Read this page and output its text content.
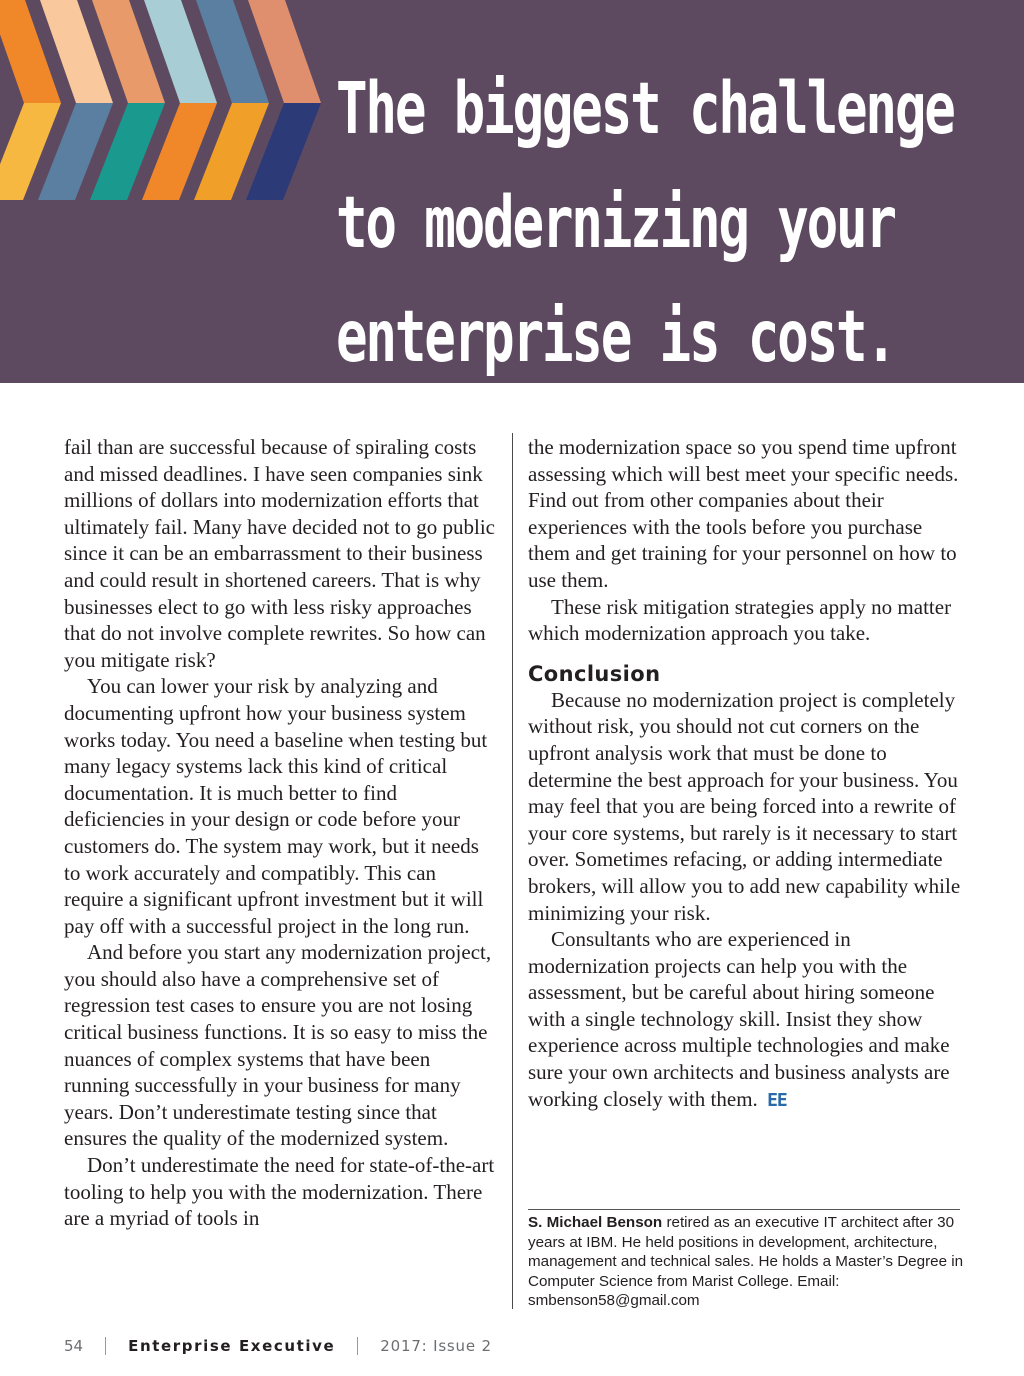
The biggest challenge
to modernizing your
enterprise is cost.

fail than are successful because of spiraling costs and missed deadlines. I have seen companies sink millions of dollars into modernization efforts that ultimately fail. Many have decided not to go public since it can be an embarrassment to their business and could result in shortened careers. That is why businesses elect to go with less risky approaches that do not involve complete rewrites. So how can you mitigate risk?

You can lower your risk by analyzing and documenting upfront how your business system works today. You need a baseline when testing but many legacy systems lack this kind of critical documentation. It is much better to find deficiencies in your design or code before your customers do. The system may work, but it needs to work accurately and compatibly. This can require a significant upfront investment but it will pay off with a successful project in the long run.

And before you start any modernization project, you should also have a comprehensive set of regression test cases to ensure you are not losing critical business functions. It is so easy to miss the nuances of complex systems that have been running successfully in your business for many years. Don’t underestimate testing since that ensures the quality of the modernized system.

Don’t underestimate the need for state-of-the-art tooling to help you with the modernization. There are a myriad of tools in

the modernization space so you spend time upfront assessing which will best meet your specific needs. Find out from other companies about their experiences with the tools before you purchase them and get training for your personnel on how to use them.

These risk mitigation strategies apply no matter which modernization approach you take.

Conclusion

Because no modernization project is completely without risk, you should not cut corners on the upfront analysis work that must be done to determine the best approach for your business. You may feel that you are being forced into a rewrite of your core systems, but rarely is it necessary to start over. Sometimes refacing, or adding intermediate brokers, will allow you to add new capability while minimizing your risk.

Consultants who are experienced in modernization projects can help you with the assessment, but be careful about hiring someone with a single technology skill. Insist they show experience across multiple technologies and make sure your own architects and business analysts are working closely with them. EE

S. Michael Benson retired as an executive IT architect after 30 years at IBM. He held positions in development, architecture, management and technical sales. He holds a Master’s Degree in Computer Science from Marist College. Email: smbenson58@gmail.com
54	Enterprise Executive	2017: Issue 2
